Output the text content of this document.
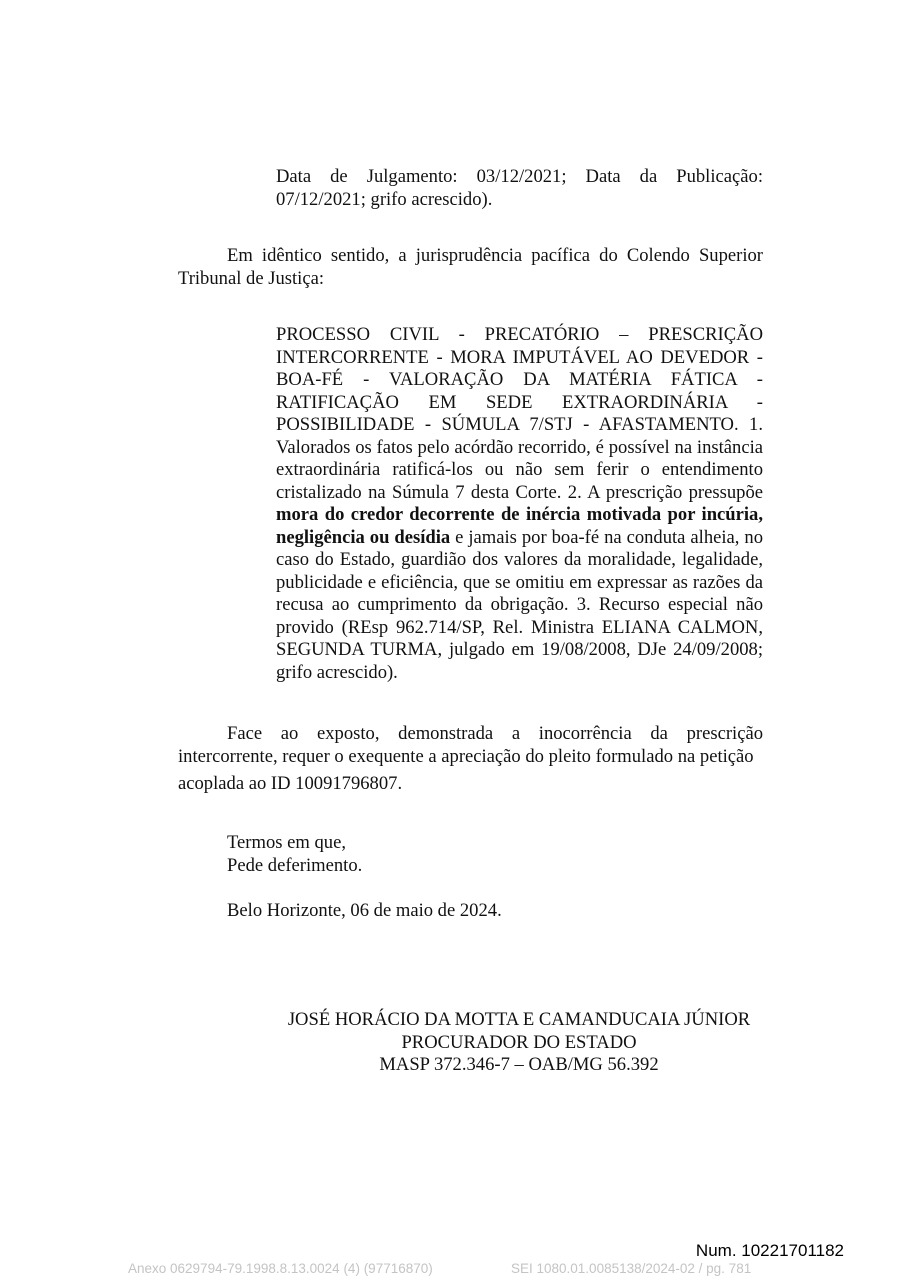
Data de Julgamento: 03/12/2021; Data da Publicação:
07/12/2021; grifo acrescido).
Em idêntico sentido, a jurisprudência pacífica do Colendo Superior Tribunal de Justiça:
PROCESSO CIVIL - PRECATÓRIO – PRESCRIÇÃO INTERCORRENTE - MORA IMPUTÁVEL AO DEVEDOR - BOA-FÉ - VALORAÇÃO DA MATÉRIA FÁTICA - RATIFICAÇÃO EM SEDE EXTRAORDINÁRIA - POSSIBILIDADE - SÚMULA 7/STJ - AFASTAMENTO. 1. Valorados os fatos pelo acórdão recorrido, é possível na instância extraordinária ratificá-los ou não sem ferir o entendimento cristalizado na Súmula 7 desta Corte. 2. A prescrição pressupõe mora do credor decorrente de inércia motivada por incúria, negligência ou desídia e jamais por boa-fé na conduta alheia, no caso do Estado, guardião dos valores da moralidade, legalidade, publicidade e eficiência, que se omitiu em expressar as razões da recusa ao cumprimento da obrigação. 3. Recurso especial não provido (REsp 962.714/SP, Rel. Ministra ELIANA CALMON, SEGUNDA TURMA, julgado em 19/08/2008, DJe 24/09/2008; grifo acrescido).
Face ao exposto, demonstrada a inocorrência da prescrição intercorrente, requer o exequente a apreciação do pleito formulado na petição
acoplada ao ID 10091796807.
Termos em que,
Pede deferimento.
Belo Horizonte, 06 de maio de 2024.
JOSÉ HORÁCIO DA MOTTA E CAMANDUCAIA JÚNIOR
PROCURADOR DO ESTADO
MASP 372.346-7 – OAB/MG 56.392
Num. 10221701182
Anexo 0629794-79.1998.8.13.0024 (4) (97716870)	SEI 1080.01.0085138/2024-02 / pg. 781
